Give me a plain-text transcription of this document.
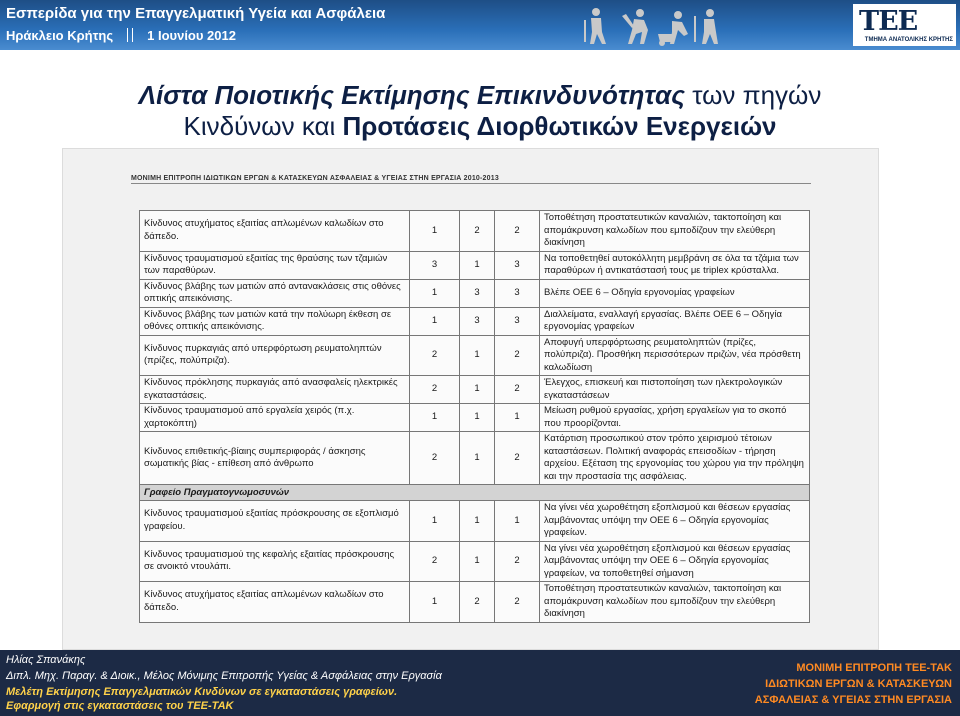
Εσπερίδα για την Επαγγελματική Υγεία και Ασφάλεια
Ηράκλειο Κρήτης	1 Ιουνίου 2012	ΤΕΕ
ΤΜΗΜΑ ΑΝΑΤΟΛΙΚΗΣ ΚΡΗΤΗΣ
Λίστα Ποιοτικής Εκτίμησης Επικινδυνότητας των πηγών
Κινδύνων και Προτάσεις Διορθωτικών Ενεργειών
ΜΟΝΙΜΗ ΕΠΙΤΡΟΠΗ ΙΔΙΩΤΙΚΩΝ ΕΡΓΩΝ & ΚΑΤΑΣΚΕΥΩΝ ΑΣΦΑΛΕΙΑΣ & ΥΓΕΙΑΣ ΣΤΗΝ ΕΡΓΑΣΙΑ 2010-2013
Κίνδυνος ατυχήματος εξαιτίας απλωμένων καλωδίων στο δάπεδο.	1	2	2	Τοποθέτηση προστατευτικών καναλιών, τακτοποίηση και απομάκρυνση καλωδίων που εμποδίζουν την ελεύθερη διακίνηση
Κίνδυνος τραυματισμού εξαιτίας της θραύσης των τζαμιών των παραθύρων.	3	1	3	Να τοποθετηθεί αυτοκόλλητη μεμβράνη σε όλα τα τζάμια των παραθύρων ή αντικατάστασή τους με triplex κρύσταλλα.
Κίνδυνος βλάβης των ματιών από αντανακλάσεις στις οθόνες οπτικής απεικόνισης.	1	3	3	Βλέπε ΟΕΕ 6 – Οδηγία εργονομίας γραφείων
Κίνδυνος βλάβης των ματιών κατά την πολύωρη έκθεση σε οθόνες οπτικής απεικόνισης.	1	3	3	Διαλλείματα, εναλλαγή εργασίας. Βλέπε ΟΕΕ 6 – Οδηγία εργονομίας γραφείων
Κίνδυνος πυρκαγιάς από υπερφόρτωση ρευματοληπτών (πρίζες, πολύπριζα).	2	1	2	Αποφυγή υπερφόρτωσης ρευματοληπτών (πρίζες, πολύπριζα). Προσθήκη περισσότερων πριζών, νέα πρόσθετη καλωδίωση
Κίνδυνος πρόκλησης πυρκαγιάς από ανασφαλείς ηλεκτρικές εγκαταστάσεις.	2	1	2	Έλεγχος, επισκευή και πιστοποίηση των ηλεκτρολογικών εγκαταστάσεων
Κίνδυνος τραυματισμού από εργαλεία χειρός (π.χ. χαρτοκόπτη)	1	1	1	Μείωση ρυθμού εργασίας, χρήση εργαλείων για το σκοπό που προορίζονται.
Κίνδυνος επιθετικής-βίαιης συμπεριφοράς / άσκησης σωματικής βίας - επίθεση από άνθρωπο	2	1	2	Κατάρτιση προσωπικού στον τρόπο χειρισμού τέτοιων καταστάσεων. Πολιτική αναφοράς επεισοδίων - τήρηση αρχείου. Εξέταση της εργονομίας του χώρου για την πρόληψη και την προστασία της ασφάλειας.
Γραφείο Πραγματογνωμοσυνών				
Κίνδυνος τραυματισμού εξαιτίας πρόσκρουσης σε εξοπλισμό γραφείου.	1	1	1	Να γίνει νέα χωροθέτηση εξοπλισμού και θέσεων εργασίας λαμβάνοντας υπόψη την ΟΕΕ 6 – Οδηγία εργονομίας γραφείων.
Κίνδυνος τραυματισμού της κεφαλής εξαιτίας πρόσκρουσης σε ανοικτό ντουλάπι.	2	1	2	Να γίνει νέα χωροθέτηση εξοπλισμού και θέσεων εργασίας λαμβάνοντας υπόψη την ΟΕΕ 6 – Οδηγία εργονομίας γραφείων, να τοποθετηθεί σήμανση
Κίνδυνος ατυχήματος εξαιτίας απλωμένων καλωδίων στο δάπεδο.	1	2	2	Τοποθέτηση προστατευτικών καναλιών, τακτοποίηση και απομάκρυνση καλωδίων που εμποδίζουν την ελεύθερη διακίνηση
Ηλίας Σπανάκης
Διπλ. Μηχ. Παραγ. & Διοικ., Μέλος Μόνιμης Επιτροπής Υγείας & Ασφάλειας στην Εργασία
Μελέτη Εκτίμησης Επαγγελματικών Κινδύνων σε εγκαταστάσεις γραφείων.
Εφαρμογή στις εγκαταστάσεις του ΤΕΕ-ΤΑΚ
ΜΟΝΙΜΗ ΕΠΙΤΡΟΠΗ ΤΕΕ-ΤΑΚ
ΙΔΙΩΤΙΚΩΝ ΕΡΓΩΝ & ΚΑΤΑΣΚΕΥΩΝ
ΑΣΦΑΛΕΙΑΣ & ΥΓΕΙΑΣ ΣΤΗΝ ΕΡΓΑΣΙΑ
